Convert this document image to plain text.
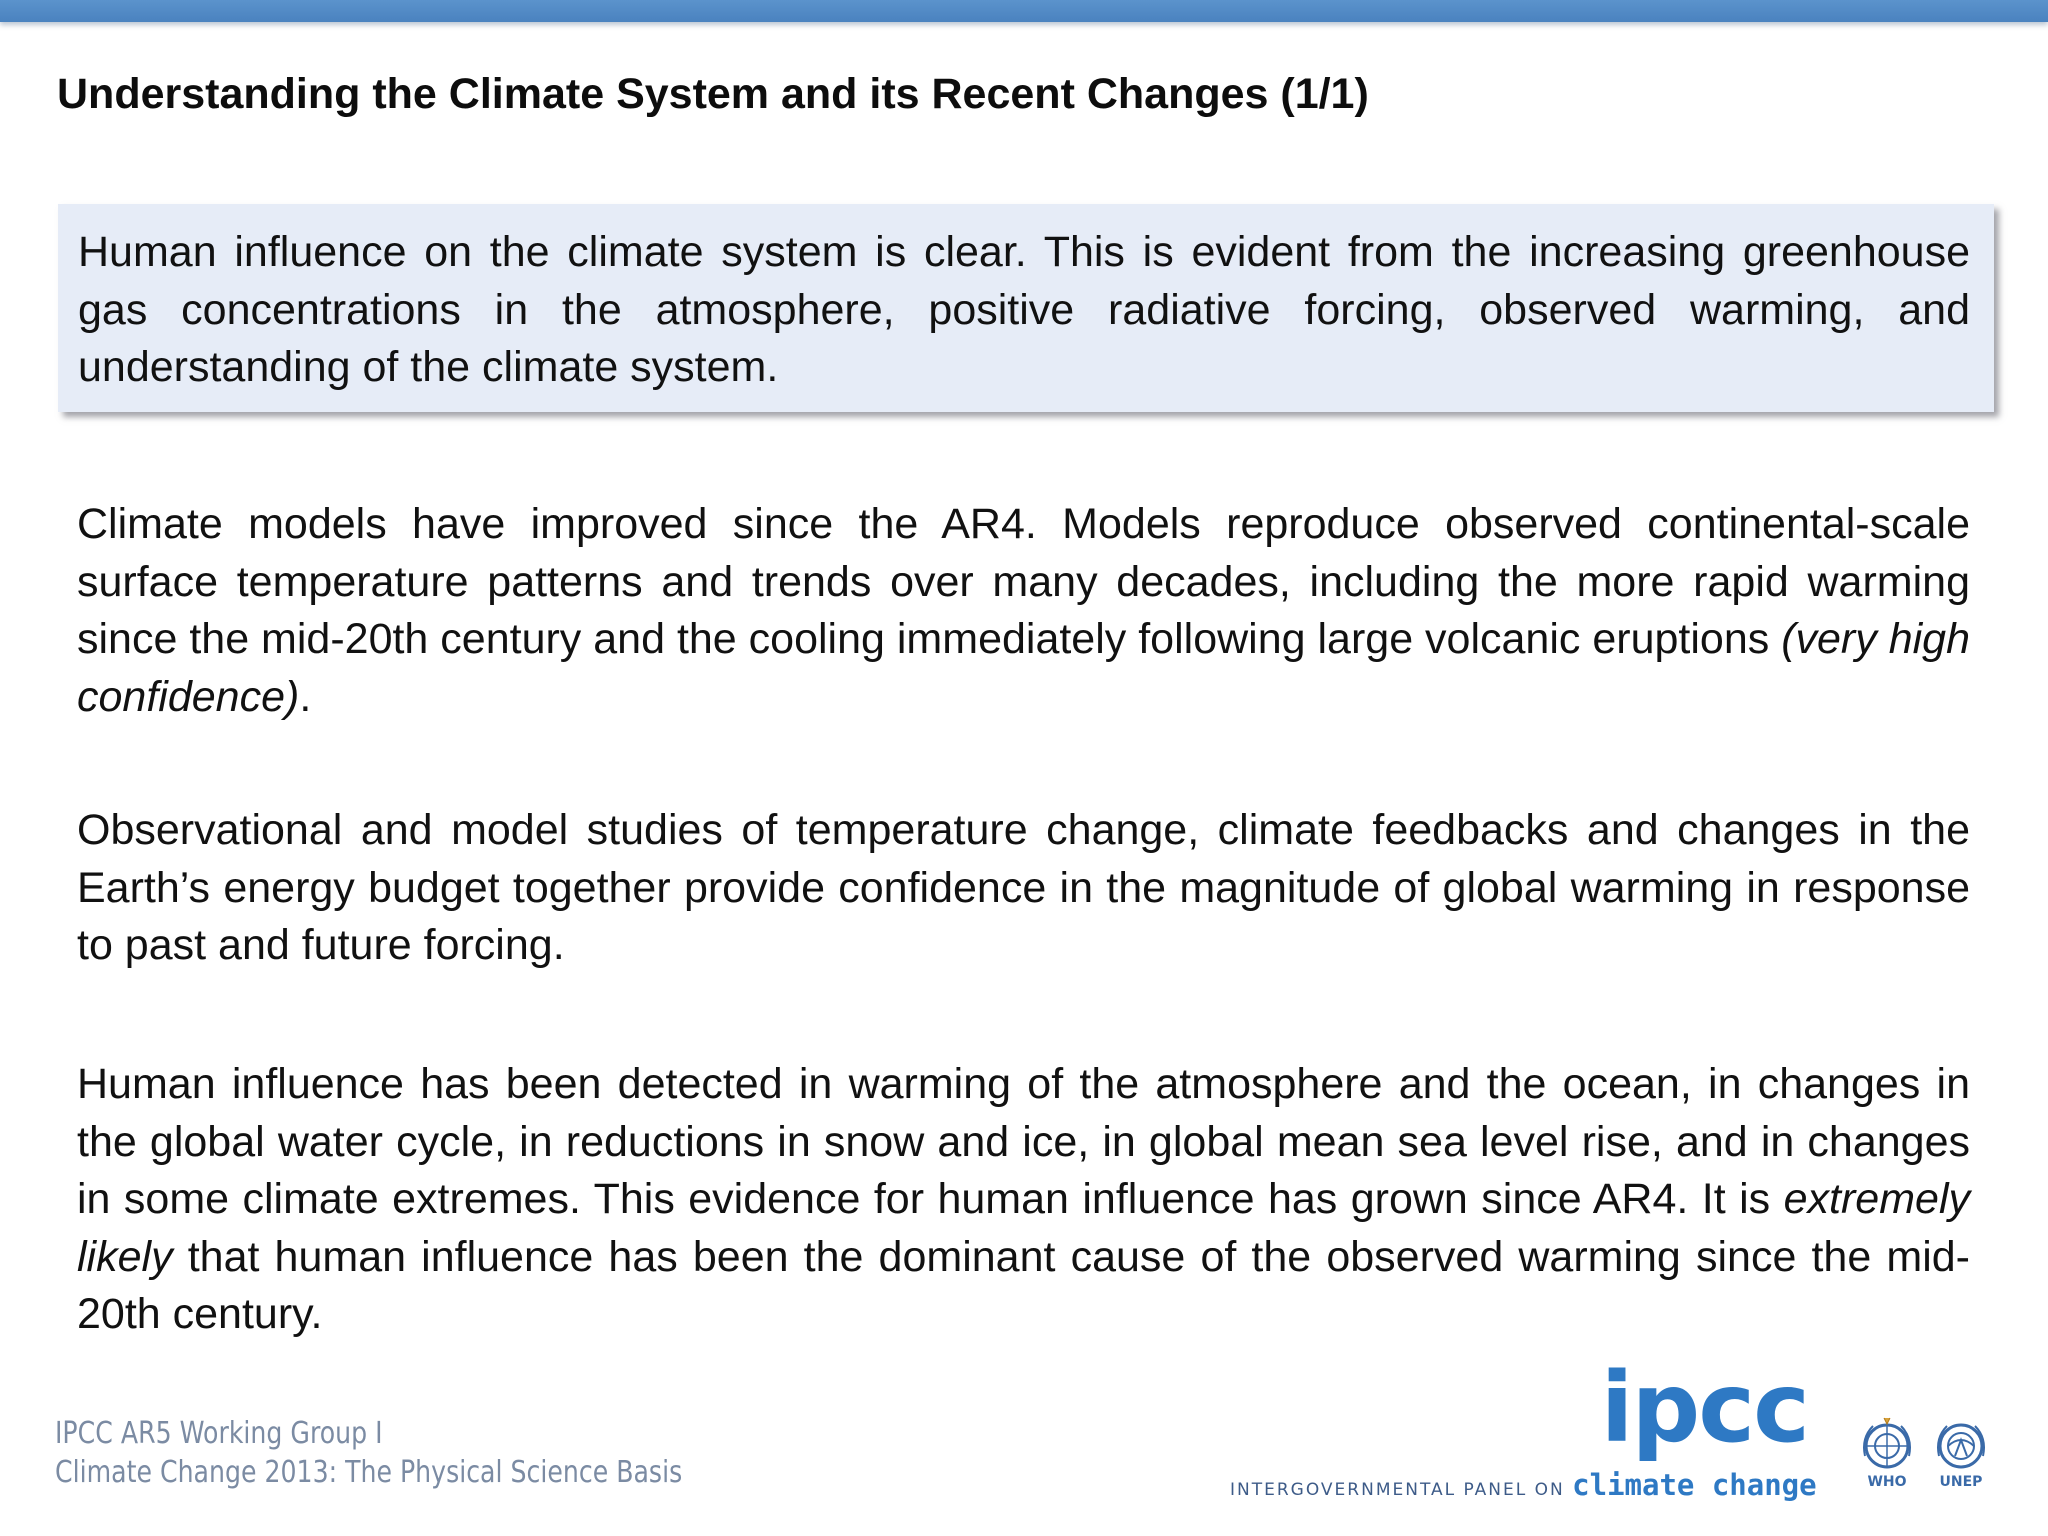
Understanding the Climate System and its Recent Changes (1/1)

Human influence on the climate system is clear. This is evident from the increasing greenhouse gas concentrations in the atmosphere, positive radiative forcing, observed warming, and understanding of the climate system.

Climate models have improved since the AR4. Models reproduce observed continental-scale surface temperature patterns and trends over many decades, including the more rapid warming since the mid-20th century and the cooling immediately following large volcanic eruptions (very high confidence).

Observational and model studies of temperature change, climate feedbacks and changes in the Earth’s energy budget together provide confidence in the magnitude of global warming in response to past and future forcing.

Human influence has been detected in warming of the atmosphere and the ocean, in changes in the global water cycle, in reductions in snow and ice, in global mean sea level rise, and in changes in some climate extremes. This evidence for human influence has grown since AR4. It is extremely likely that human influence has been the dominant cause of the observed warming since the mid-20th century.

IPCC AR5 Working Group I
Climate Change 2013: The Physical Science Basis
ipcc
INTERGOVERNMENTAL PANEL ON climate change	WHO	UNEP
